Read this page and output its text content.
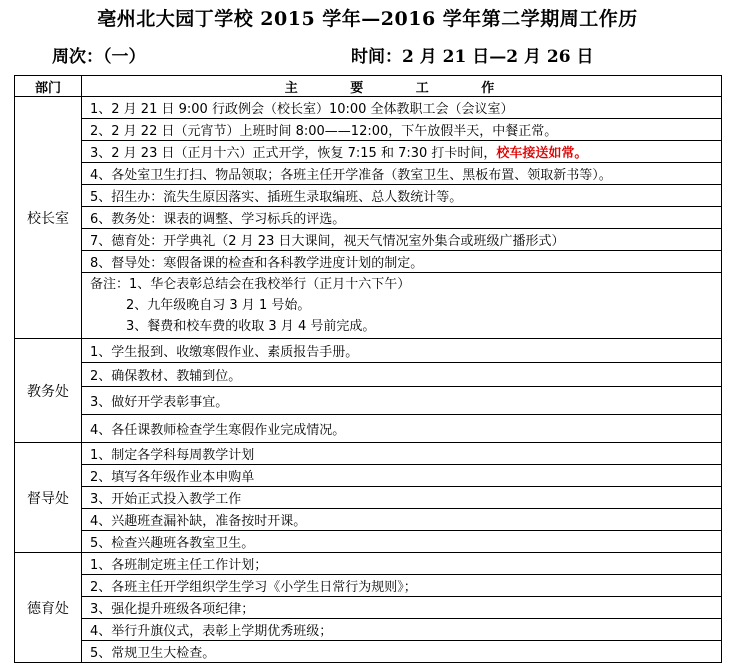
亳州北大园丁学校 2015 学年—2016 学年第二学期周工作历
周次：（一）	时间：2 月 21 日—2 月 26 日
部门	主 要 工 作
校长室	1、2 月 21 日 9:00 行政例会（校长室）10:00 全体教职工会（会议室）
	2、2 月 22 日（元宵节）上班时间 8:00——12:00，下午放假半天，中餐正常。
	3、2 月 23 日（正月十六）正式开学，恢复 7:15 和 7:30 打卡时间，校车接送如常。
	4、各处室卫生打扫、物品领取；各班主任开学准备（教室卫生、黑板布置、领取新书等）。
	5、招生办：流失生原因落实、插班生录取编班、总人数统计等。
	6、教务处：课表的调整、学习标兵的评选。
	7、德育处：开学典礼（2 月 23 日大课间，视天气情况室外集合或班级广播形式）
	8、督导处：寒假备课的检查和各科教学进度计划的制定。

	备注：1、华仑表彰总结会在我校举行（正月十六下午）
2、九年级晚自习 3 月 1 号始。
3、餐费和校车费的收取 3 月 4 号前完成。

教务处	1、学生报到、收缴寒假作业、素质报告手册。
	2、确保教材、教辅到位。
	3、做好开学表彰事宜。
	4、各任课教师检查学生寒假作业完成情况。
督导处	1、制定各学科每周教学计划
	2、填写各年级作业本申购单
	3、开始正式投入教学工作
	4、兴趣班查漏补缺，准备按时开课。
	5、检查兴趣班各教室卫生。
德育处	1、各班制定班主任工作计划；
	2、各班主任开学组织学生学习《小学生日常行为规则》；
	3、强化提升班级各项纪律；
	4、举行升旗仪式，表彰上学期优秀班级；
	5、常规卫生大检查。
